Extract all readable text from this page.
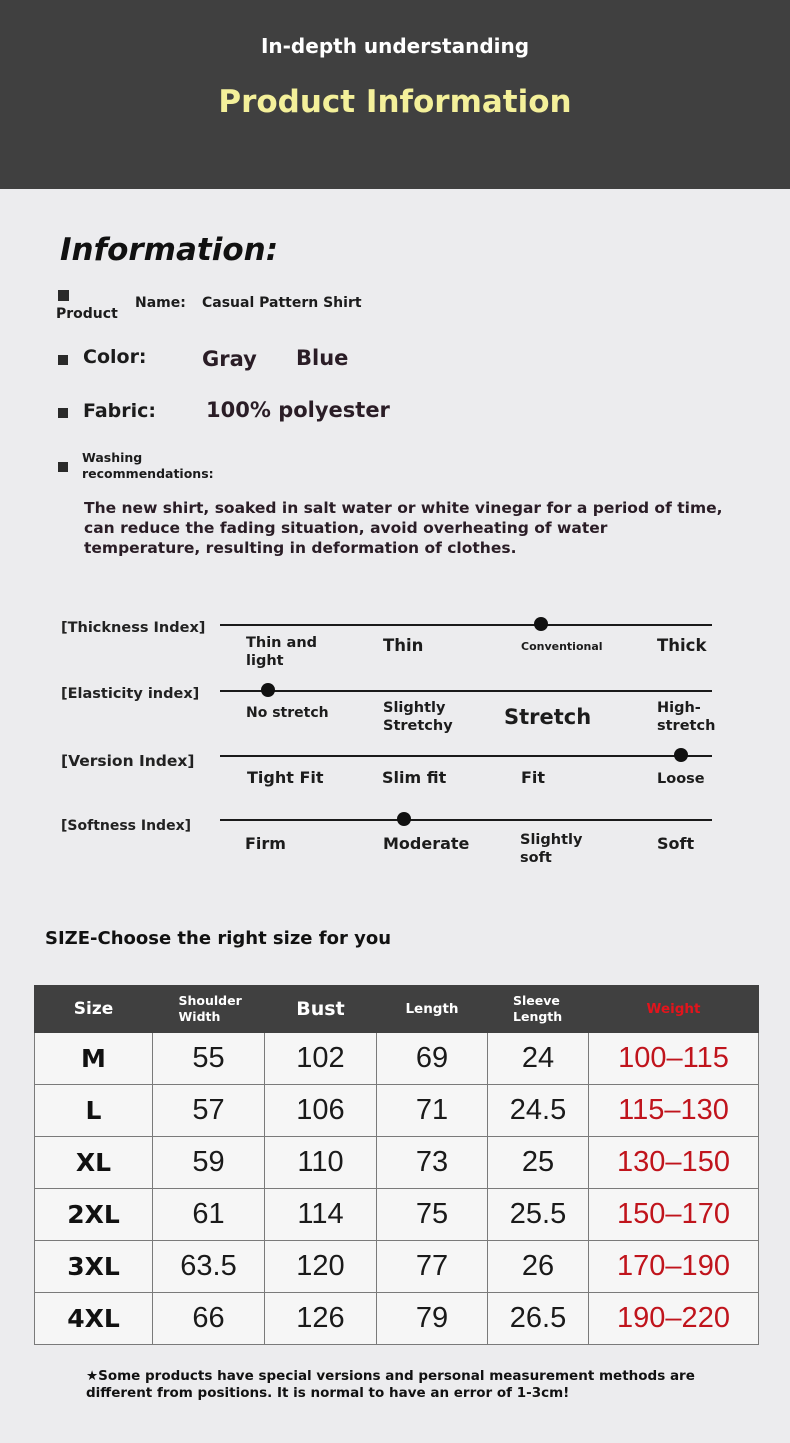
In-depth understanding
Product Information
Information:
Product
Name: Casual Pattern Shirt
Color:	Gray Blue
Fabric: 100% polyester
Washing
recommendations:
The new shirt, soaked in salt water or white vinegar for a period of time, can reduce the fading situation, avoid overheating of water temperature, resulting in deformation of clothes.
[Thickness Index]
Thin and light
Thin	Conventional	Thick
[Elasticity index]
No stretch	Slightly Stretchy	Stretch	High-stretch
[Version Index]
Tight Fit	Slim fit	Fit	Loose
[Softness Index]
Firm	Moderate	Slightly soft
Soft
SIZE-Choose the right size for you
Size	Shoulder Width	Bust	Length	Sleeve Length	Weight
M	55	102	69	24	100–115
L	57	106	71	24.5	115–130
XL	59	110	73	25	130–150
2XL	61	114	75	25.5	150–170
3XL	63.5	120	77	26	170–190
4XL	66	126	79	26.5	190–220
★Some products have special versions and personal measurement methods are different from positions. It is normal to have an error of 1-3cm!
